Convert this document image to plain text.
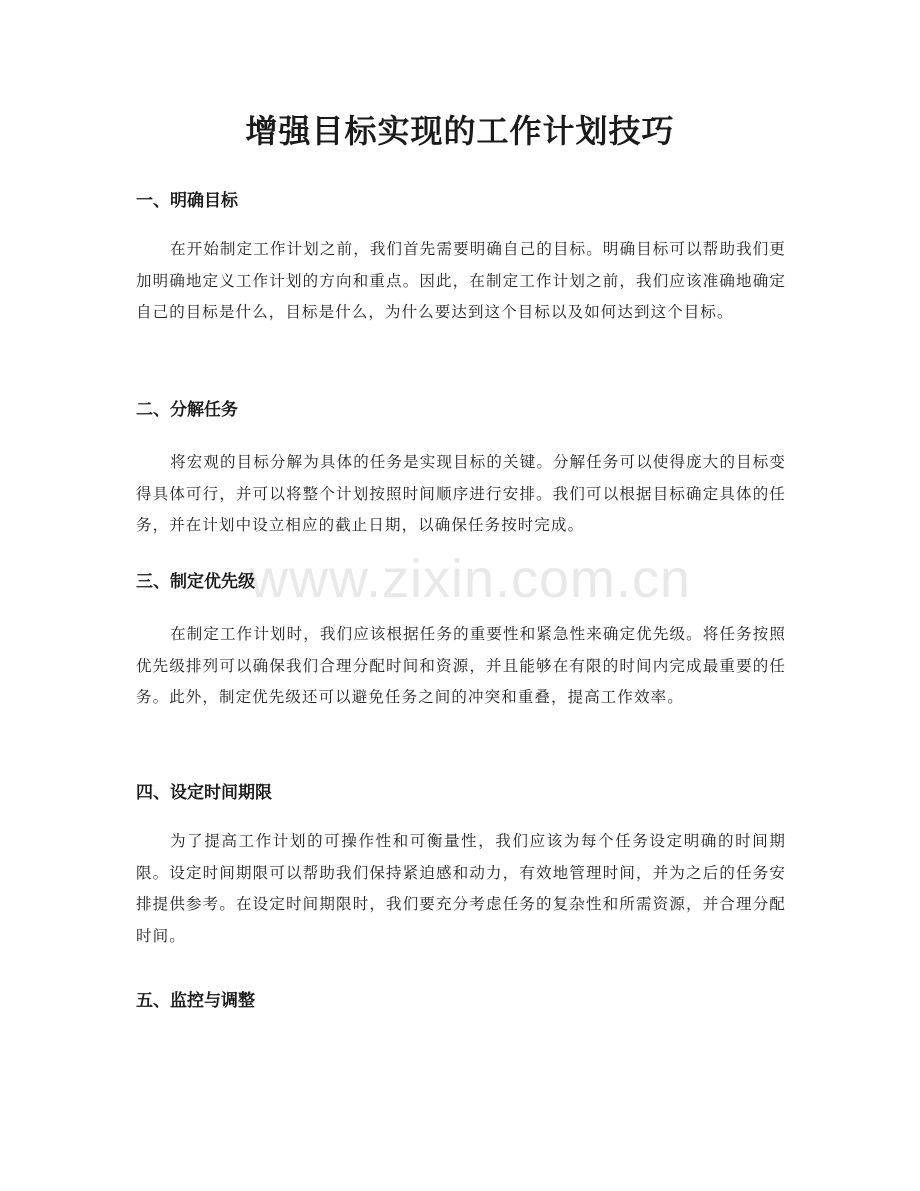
www.zixin.com.cn
增强目标实现的工作计划技巧
一、明确目标

在开始制定工作计划之前，我们首先需要明确自己的目标。明确目标可以帮助我们更加明确地定义工作计划的方向和重点。因此，在制定工作计划之前，我们应该准确地确定自己的目标是什么，目标是什么，为什么要达到这个目标以及如何达到这个目标。

二、分解任务

将宏观的目标分解为具体的任务是实现目标的关键。分解任务可以使得庞大的目标变得具体可行，并可以将整个计划按照时间顺序进行安排。我们可以根据目标确定具体的任务，并在计划中设立相应的截止日期，以确保任务按时完成。

三、制定优先级

在制定工作计划时，我们应该根据任务的重要性和紧急性来确定优先级。将任务按照优先级排列可以确保我们合理分配时间和资源，并且能够在有限的时间内完成最重要的任务。此外，制定优先级还可以避免任务之间的冲突和重叠，提高工作效率。

四、设定时间期限

为了提高工作计划的可操作性和可衡量性，我们应该为每个任务设定明确的时间期限。设定时间期限可以帮助我们保持紧迫感和动力，有效地管理时间，并为之后的任务安排提供参考。在设定时间期限时，我们要充分考虑任务的复杂性和所需资源，并合理分配时间。

五、监控与调整
